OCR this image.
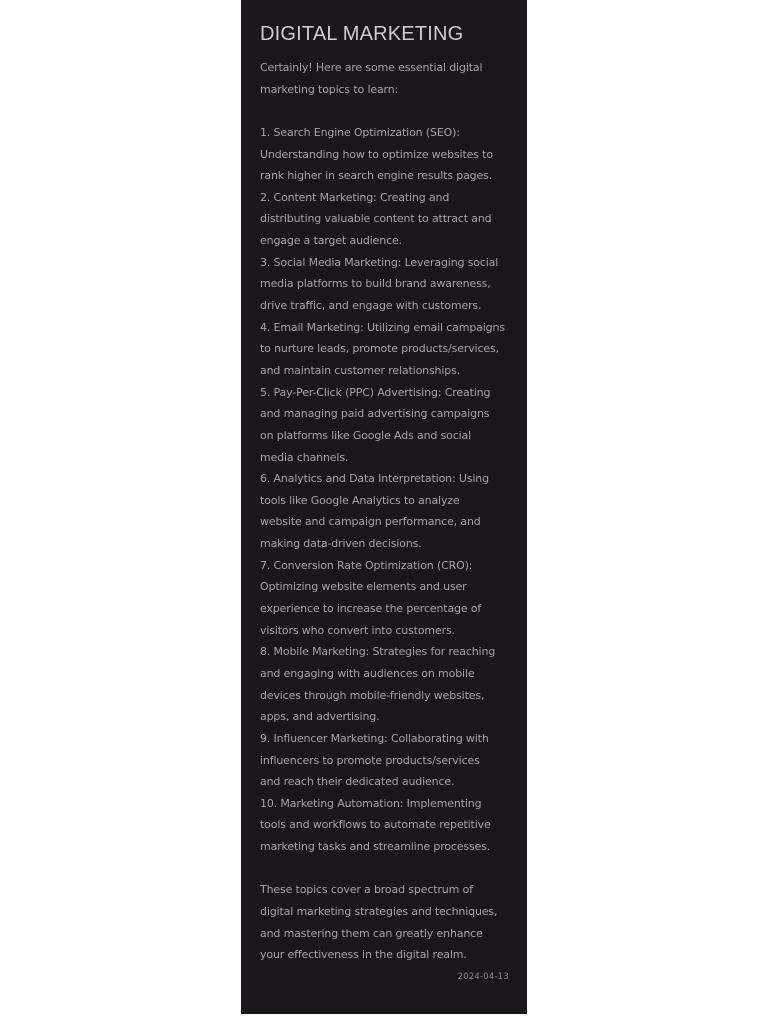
DIGITAL MARKETING
Certainly! Here are some essential digital
marketing topics to learn:
1. Search Engine Optimization (SEO):
Understanding how to optimize websites to
rank higher in search engine results pages.
2. Content Marketing: Creating and
distributing valuable content to attract and
engage a target audience.
3. Social Media Marketing: Leveraging social
media platforms to build brand awareness,
drive traffic, and engage with customers.
4. Email Marketing: Utilizing email campaigns
to nurture leads, promote products/services,
and maintain customer relationships.
5. Pay-Per-Click (PPC) Advertising: Creating
and managing paid advertising campaigns
on platforms like Google Ads and social
media channels.
6. Analytics and Data Interpretation: Using
tools like Google Analytics to analyze
website and campaign performance, and
making data-driven decisions.
7. Conversion Rate Optimization (CRO):
Optimizing website elements and user
experience to increase the percentage of
visitors who convert into customers.
8. Mobile Marketing: Strategies for reaching
and engaging with audiences on mobile
devices through mobile-friendly websites,
apps, and advertising.
9. Influencer Marketing: Collaborating with
influencers to promote products/services
and reach their dedicated audience.
10. Marketing Automation: Implementing
tools and workflows to automate repetitive
marketing tasks and streamline processes.
These topics cover a broad spectrum of
digital marketing strategies and techniques,
and mastering them can greatly enhance
your effectiveness in the digital realm.
2024-04-13
